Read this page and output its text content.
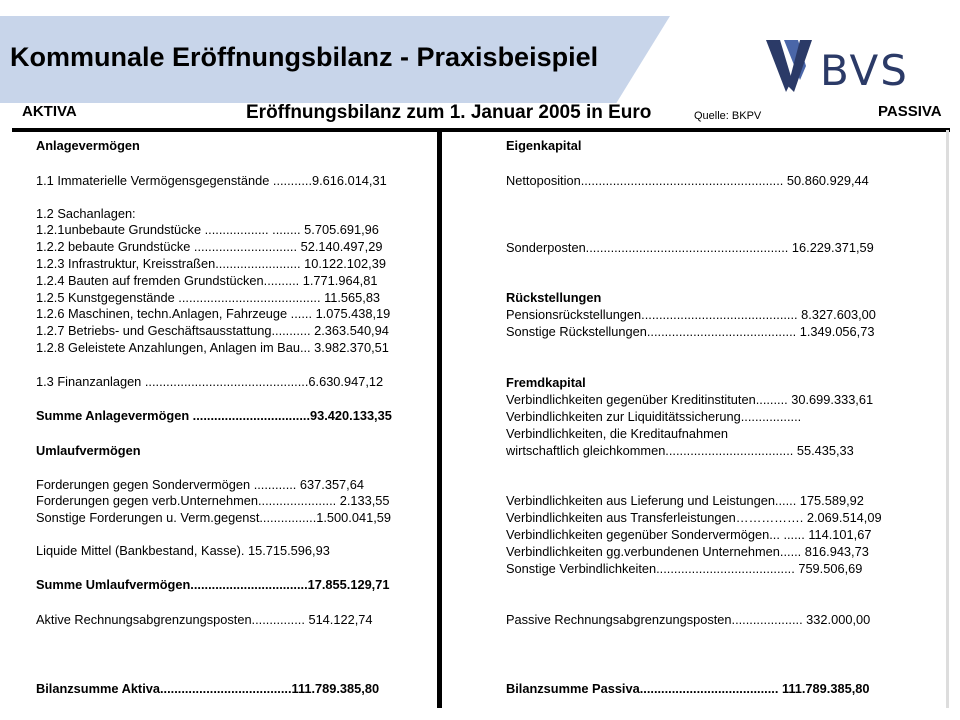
Kommunale Eröffnungsbilanz - Praxisbeispiel	BVS
AKTIVA	Eröffnungsbilanz zum 1. Januar 2005 in Euro	Quelle: BKPV	PASSIVA
Anlagevermögen
1.1 Immaterielle Vermögensgegenstände ...........9.616.014,31
1.2 Sachanlagen:
1.2.1unbebaute Grundstücke .................. ........ 5.705.691,96
1.2.2 bebaute Grundstücke ............................. 52.140.497,29
1.2.3 Infrastruktur, Kreisstraßen........................ 10.122.102,39
1.2.4 Bauten auf fremden Grundstücken.......... 1.771.964,81
1.2.5 Kunstgegenstände ........................................ 11.565,83
1.2.6 Maschinen, techn.Anlagen, Fahrzeuge ...... 1.075.438,19
1.2.7 Betriebs- und Geschäftsausstattung........... 2.363.540,94
1.2.8 Geleistete Anzahlungen, Anlagen im Bau... 3.982.370,51
1.3 Finanzanlagen ..............................................6.630.947,12
Summe Anlagevermögen .................................93.420.133,35
Umlaufvermögen
Forderungen gegen Sondervermögen ............ 637.357,64
Forderungen gegen verb.Unternehmen...................... 2.133,55
Sonstige Forderungen u. Verm.gegenst................1.500.041,59
Liquide Mittel (Bankbestand, Kasse). 15.715.596,93
Summe Umlaufvermögen.................................17.855.129,71
Aktive Rechnungsabgrenzungsposten............... 514.122,74
Bilanzsumme Aktiva.....................................111.789.385,80
Eigenkapital
Nettoposition......................................................... 50.860.929,44
Sonderposten......................................................... 16.229.371,59
Rückstellungen
Pensionsrückstellungen............................................ 8.327.603,00
Sonstige Rückstellungen.......................................... 1.349.056,73
Fremdkapital
Verbindlichkeiten gegenüber Kreditinstituten......... 30.699.333,61
Verbindlichkeiten zur Liquiditätssicherung.................
Verbindlichkeiten, die Kreditaufnahmen
wirtschaftlich gleichkommen.................................... 55.435,33
Verbindlichkeiten aus Lieferung und Leistungen...... 175.589,92
Verbindlichkeiten aus Transferleistungen……………. 2.069.514,09
Verbindlichkeiten gegenüber Sondervermögen... ...... 114.101,67
Verbindlichkeiten gg.verbundenen Unternehmen...... 816.943,73
Sonstige Verbindlichkeiten....................................... 759.506,69
Passive Rechnungsabgrenzungsposten.................... 332.000,00
Bilanzsumme Passiva....................................... 111.789.385,80
